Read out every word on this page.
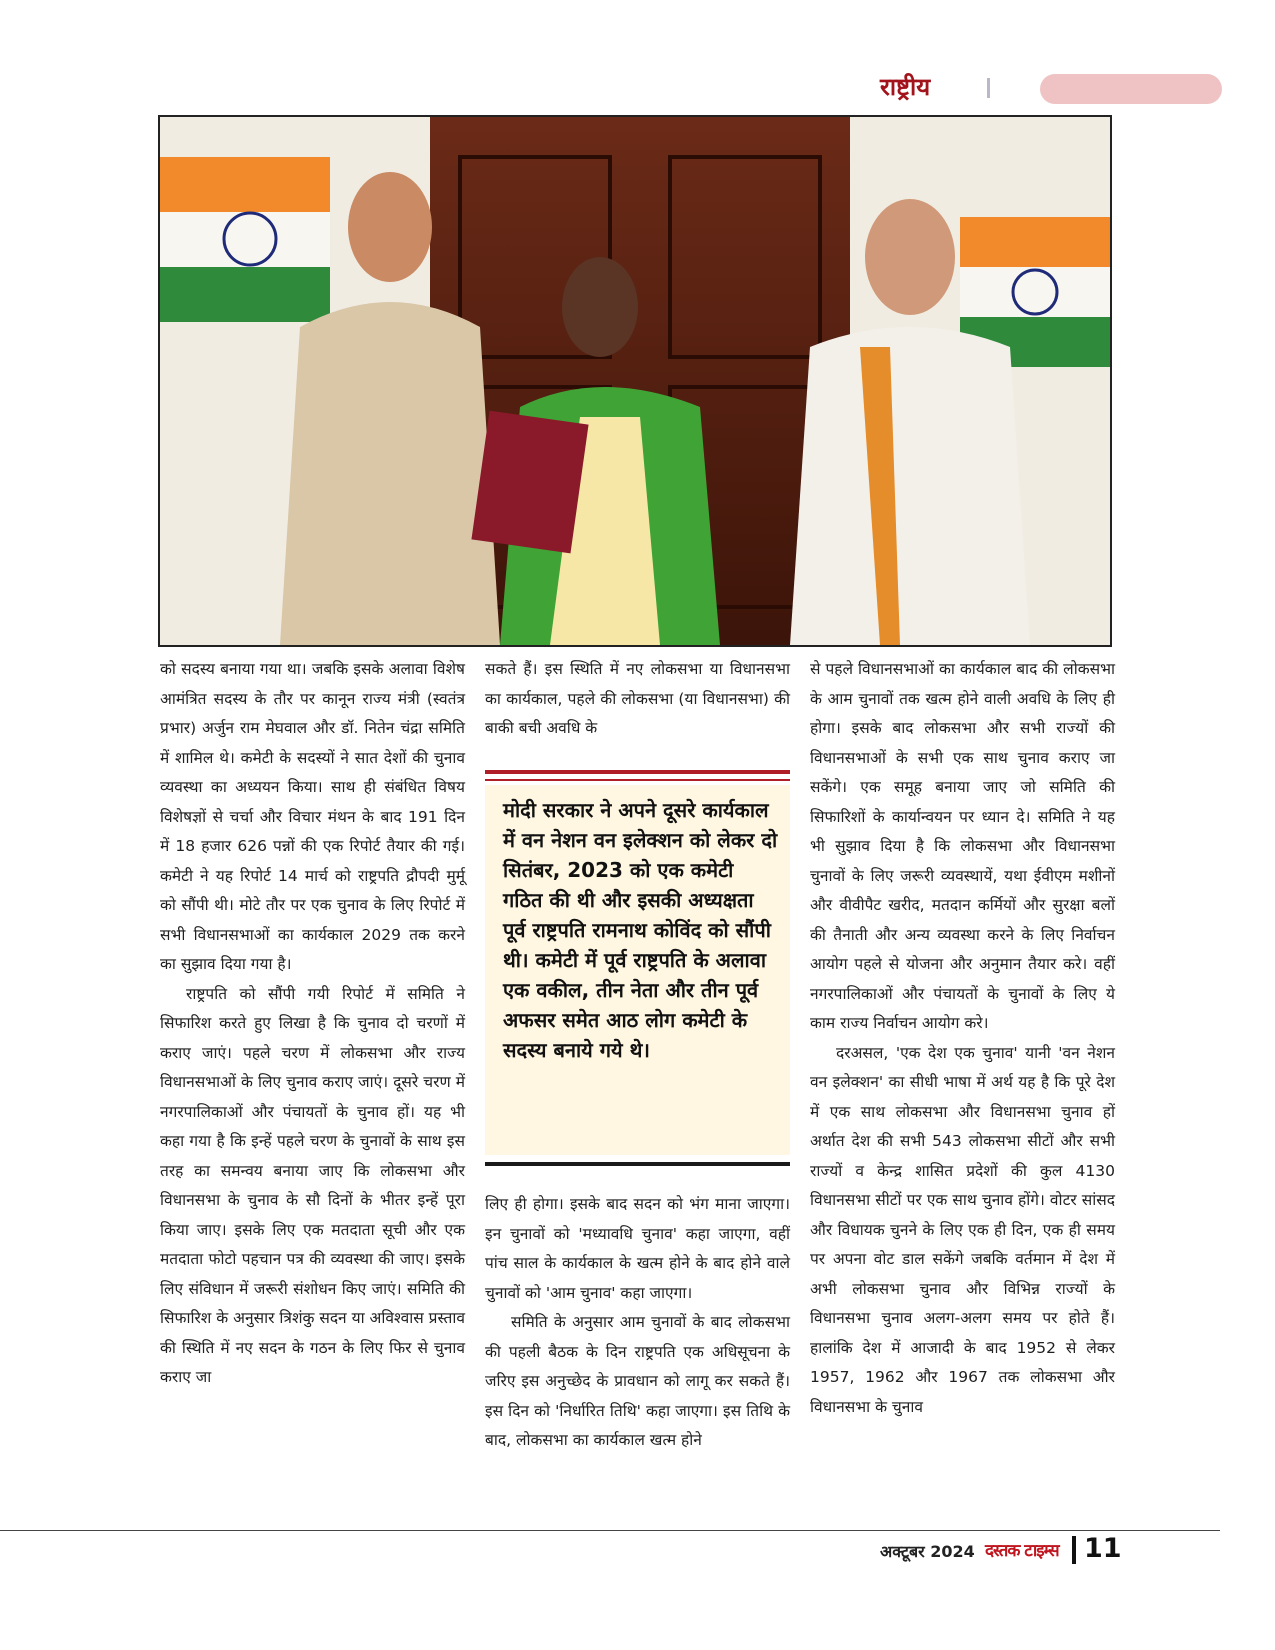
राष्ट्रीय

को सदस्य बनाया गया था। जबकि इसके अलावा विशेष आमंत्रित सदस्य के तौर पर कानून राज्य मंत्री (स्वतंत्र प्रभार) अर्जुन राम मेघवाल और डॉ. नितेन चंद्रा समिति में शामिल थे। कमेटी के सदस्यों ने सात देशों की चुनाव व्यवस्था का अध्ययन किया। साथ ही संबंधित विषय विशेषज्ञों से चर्चा और विचार मंथन के बाद 191 दिन में 18 हजार 626 पन्नों की एक रिपोर्ट तैयार की गई। कमेटी ने यह रिपोर्ट 14 मार्च को राष्ट्रपति द्रौपदी मुर्मू को सौंपी थी। मोटे तौर पर एक चुनाव के लिए रिपोर्ट में सभी विधानसभाओं का कार्यकाल 2029 तक करने का सुझाव दिया गया है।

राष्ट्रपति को सौंपी गयी रिपोर्ट में समिति ने सिफारिश करते हुए लिखा है कि चुनाव दो चरणों में कराए जाएं। पहले चरण में लोकसभा और राज्य विधानसभाओं के लिए चुनाव कराए जाएं। दूसरे चरण में नगरपालिकाओं और पंचायतों के चुनाव हों। यह भी कहा गया है कि इन्हें पहले चरण के चुनावों के साथ इस तरह का समन्वय बनाया जाए कि लोकसभा और विधानसभा के चुनाव के सौ दिनों के भीतर इन्हें पूरा किया जाए। इसके लिए एक मतदाता सूची और एक मतदाता फोटो पहचान पत्र की व्यवस्था की जाए। इसके लिए संविधान में जरूरी संशोधन किए जाएं। समिति की सिफारिश के अनुसार त्रिशंकु सदन या अविश्वास प्रस्ताव की स्थिति में नए सदन के गठन के लिए फिर से चुनाव कराए जा

सकते हैं। इस स्थिति में नए लोकसभा या विधानसभा का कार्यकाल, पहले की लोकसभा (या विधानसभा) की बाकी बची अवधि के

मोदी सरकार ने अपने दूसरे कार्यकाल में वन नेशन वन इलेक्शन को लेकर दो सितंबर, 2023 को एक कमेटी गठित की थी और इसकी अध्यक्षता पूर्व राष्ट्रपति रामनाथ कोविंद को सौंपी थी। कमेटी में पूर्व राष्ट्रपति के अलावा एक वकील, तीन नेता और तीन पूर्व अफसर समेत आठ लोग कमेटी के सदस्य बनाये गये थे।

लिए ही होगा। इसके बाद सदन को भंग माना जाएगा। इन चुनावों को 'मध्यावधि चुनाव' कहा जाएगा, वहीं पांच साल के कार्यकाल के खत्म होने के बाद होने वाले चुनावों को 'आम चुनाव' कहा जाएगा।

समिति के अनुसार आम चुनावों के बाद लोकसभा की पहली बैठक के दिन राष्ट्रपति एक अधिसूचना के जरिए इस अनुच्छेद के प्रावधान को लागू कर सकते हैं। इस दिन को 'निर्धारित तिथि' कहा जाएगा। इस तिथि के बाद, लोकसभा का कार्यकाल खत्म होने

से पहले विधानसभाओं का कार्यकाल बाद की लोकसभा के आम चुनावों तक खत्म होने वाली अवधि के लिए ही होगा। इसके बाद लोकसभा और सभी राज्यों की विधानसभाओं के सभी एक साथ चुनाव कराए जा सकेंगे। एक समूह बनाया जाए जो समिति की सिफारिशों के कार्यान्वयन पर ध्यान दे। समिति ने यह भी सुझाव दिया है कि लोकसभा और विधानसभा चुनावों के लिए जरूरी व्यवस्थायें, यथा ईवीएम मशीनों और वीवीपैट खरीद, मतदान कर्मियों और सुरक्षा बलों की तैनाती और अन्य व्यवस्था करने के लिए निर्वाचन आयोग पहले से योजना और अनुमान तैयार करे। वहीं नगरपालिकाओं और पंचायतों के चुनावों के लिए ये काम राज्य निर्वाचन आयोग करे।

दरअसल, 'एक देश एक चुनाव' यानी 'वन नेशन वन इलेक्शन' का सीधी भाषा में अर्थ यह है कि पूरे देश में एक साथ लोकसभा और विधानसभा चुनाव हों अर्थात देश की सभी 543 लोकसभा सीटों और सभी राज्यों व केन्द्र शासित प्रदेशों की कुल 4130 विधानसभा सीटों पर एक साथ चुनाव होंगे। वोटर सांसद और विधायक चुनने के लिए एक ही दिन, एक ही समय पर अपना वोट डाल सकेंगे जबकि वर्तमान में देश में अभी लोकसभा चुनाव और विभिन्न राज्यों के विधानसभा चुनाव अलग-अलग समय पर होते हैं। हालांकि देश में आजादी के बाद 1952 से लेकर 1957, 1962 और 1967 तक लोकसभा और विधानसभा के चुनाव

अक्टूबर 2024 दस्तक टाइम्स 11
